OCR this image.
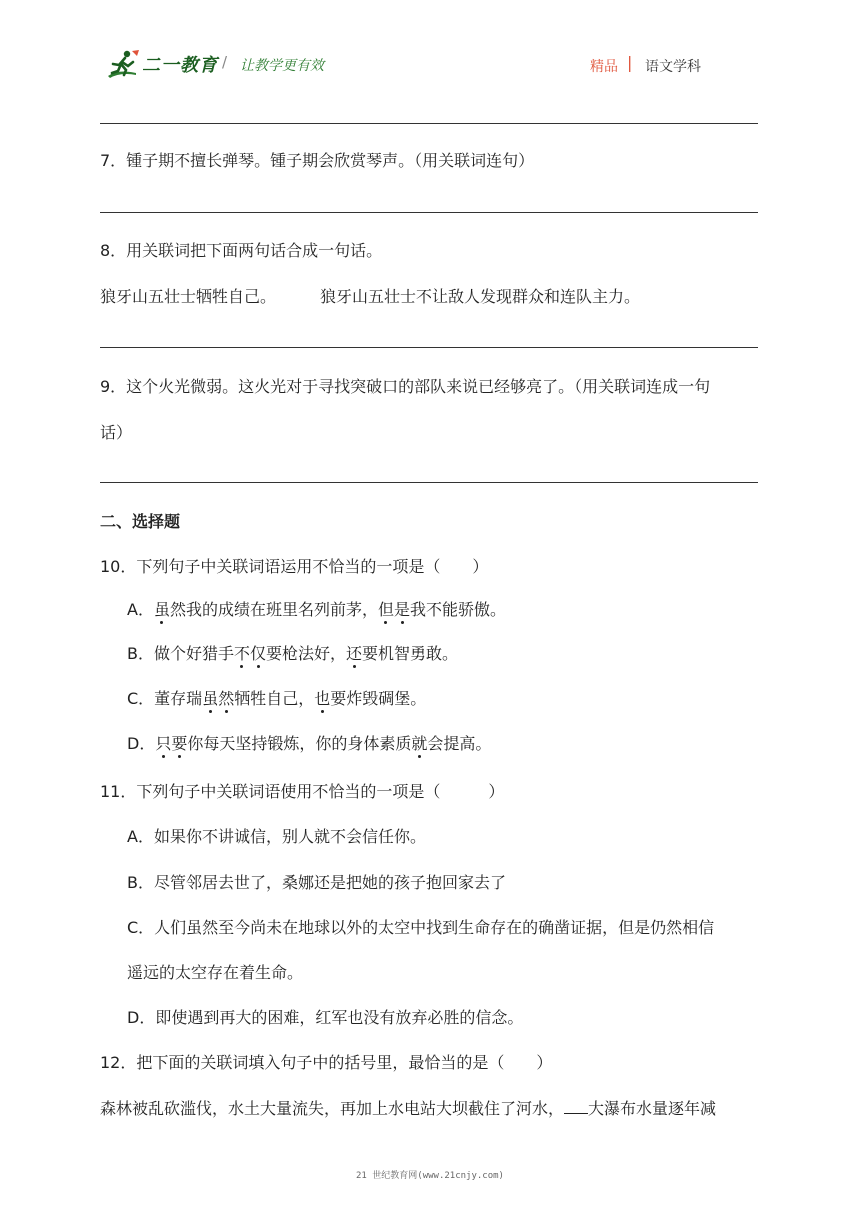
二一教育 / 让教学更有效	精品 | 语文学科
7．锺子期不擅长弹琴。锺子期会欣赏琴声。（用关联词连句）
8．用关联词把下面两句话合成一句话。
狼牙山五壮士牺牲自己。	狼牙山五壮士不让敌人发现群众和连队主力。
9．这个火光微弱。这火光对于寻找突破口的部队来说已经够亮了。（用关联词连成一句
话）
二、选择题
10．下列句子中关联词语运用不恰当的一项是（　　）
A．虽然我的成绩在班里名列前茅，但是我不能骄傲。
B．做个好猎手不仅要枪法好，还要机智勇敢。
C．董存瑞虽然牺牲自己，也要炸毁碉堡。
D．只要你每天坚持锻炼，你的身体素质就会提高。
11．下列句子中关联词语使用不恰当的一项是（　　　）
A．如果你不讲诚信，别人就不会信任你。
B．尽管邻居去世了，桑娜还是把她的孩子抱回家去了
C．人们虽然至今尚未在地球以外的太空中找到生命存在的确凿证据，但是仍然相信
遥远的太空存在着生命。
D．即使遇到再大的困难，红军也没有放弃必胜的信念。
12．把下面的关联词填入句子中的括号里，最恰当的是（　　）
森林被乱砍滥伐，水土大量流失，再加上水电站大坝截住了河水， 大瀑布水量逐年减
21 世纪教育网(www.21cnjy.com)
